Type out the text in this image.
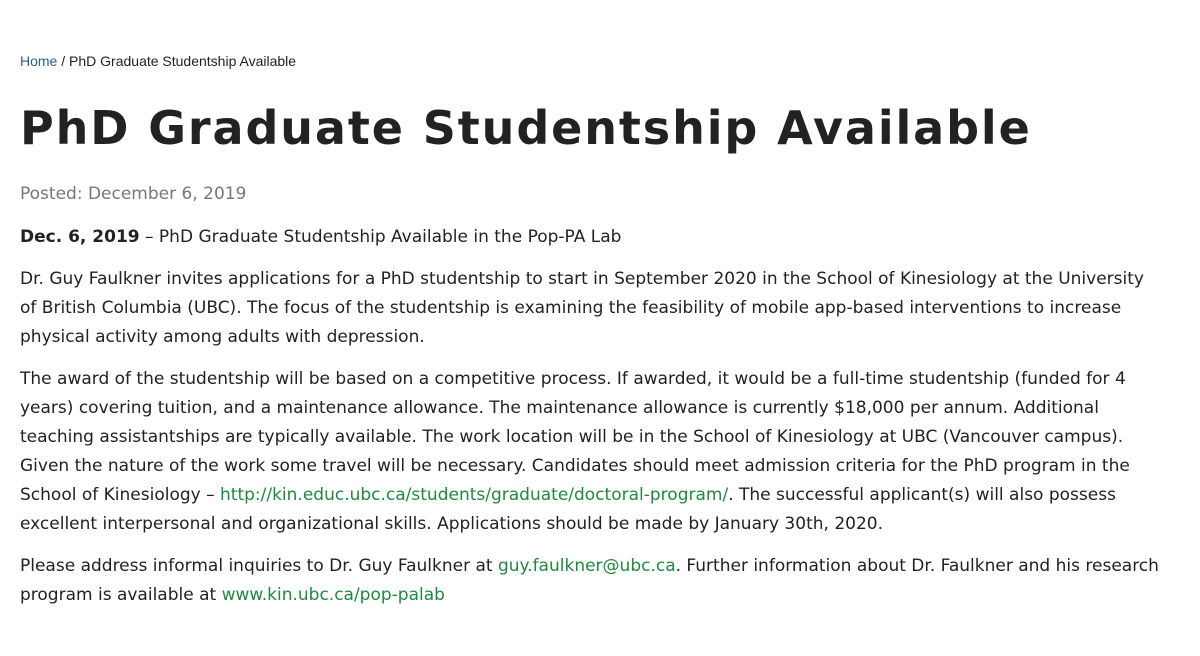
Home / PhD Graduate Studentship Available
PhD Graduate Studentship Available
Posted: December 6, 2019

Dec. 6, 2019 – PhD Graduate Studentship Available in the Pop-PA Lab

Dr. Guy Faulkner invites applications for a PhD studentship to start in September 2020 in the School of Kinesiology at the University of British Columbia (UBC). The focus of the studentship is examining the feasibility of mobile app-based interventions to increase physical activity among adults with depression.

The award of the studentship will be based on a competitive process. If awarded, it would be a full-time studentship (funded for 4 years) covering tuition, and a maintenance allowance. The maintenance allowance is currently $18,000 per annum. Additional teaching assistantships are typically available. The work location will be in the School of Kinesiology at UBC (Vancouver campus). Given the nature of the work some travel will be necessary. Candidates should meet admission criteria for the PhD program in the School of Kinesiology – http://kin.educ.ubc.ca/students/graduate/doctoral-program/. The successful applicant(s) will also possess excellent interpersonal and organizational skills. Applications should be made by January 30th, 2020.

Please address informal inquiries to Dr. Guy Faulkner at guy.faulkner@ubc.ca. Further information about Dr. Faulkner and his research program is available at www.kin.ubc.ca/pop-palab
